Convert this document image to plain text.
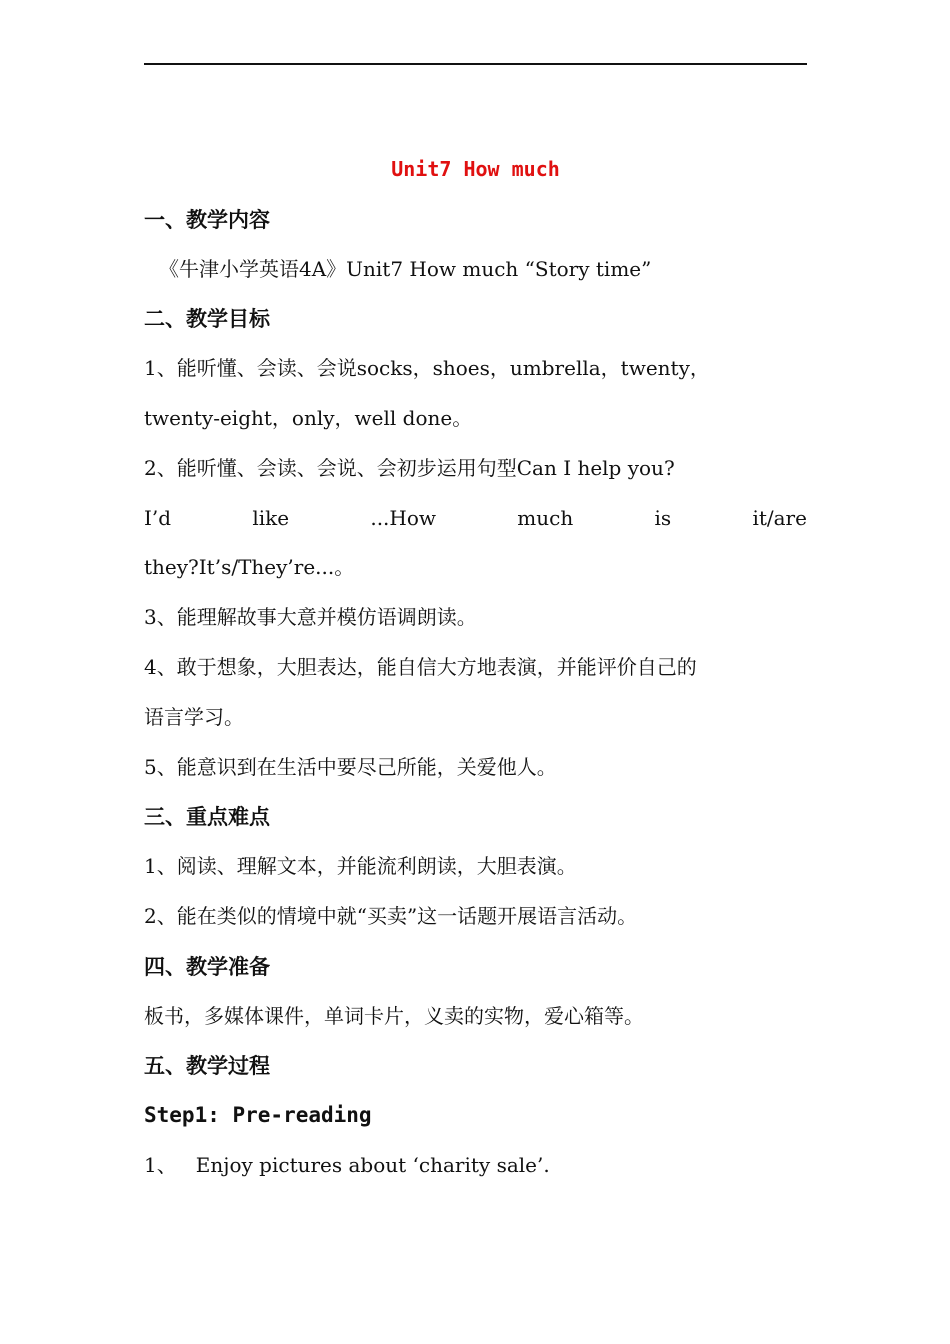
Unit7 How much
一、教学内容
《牛津小学英语4A》Unit7 How much “Story time”
二、教学目标
1、能听懂、会读、会说socks，shoes，umbrella，twenty，
twenty-eight，only，well done。
2、能听懂、会读、会说、会初步运用句型Can I help you?
I’d	like	...How	much	is	it/are
they?It’s/They’re...。
3、能理解故事大意并模仿语调朗读。
4、敢于想象，大胆表达，能自信大方地表演，并能评价自己的
语言学习。
5、能意识到在生活中要尽己所能，关爱他人。
三、重点难点
1、阅读、理解文本，并能流利朗读，大胆表演。
2、能在类似的情境中就“买卖”这一话题开展语言活动。
四、教学准备
板书，多媒体课件，单词卡片，义卖的实物，爱心箱等。
五、教学过程
Step1: Pre-reading
1、   Enjoy pictures about ‘charity sale’.
